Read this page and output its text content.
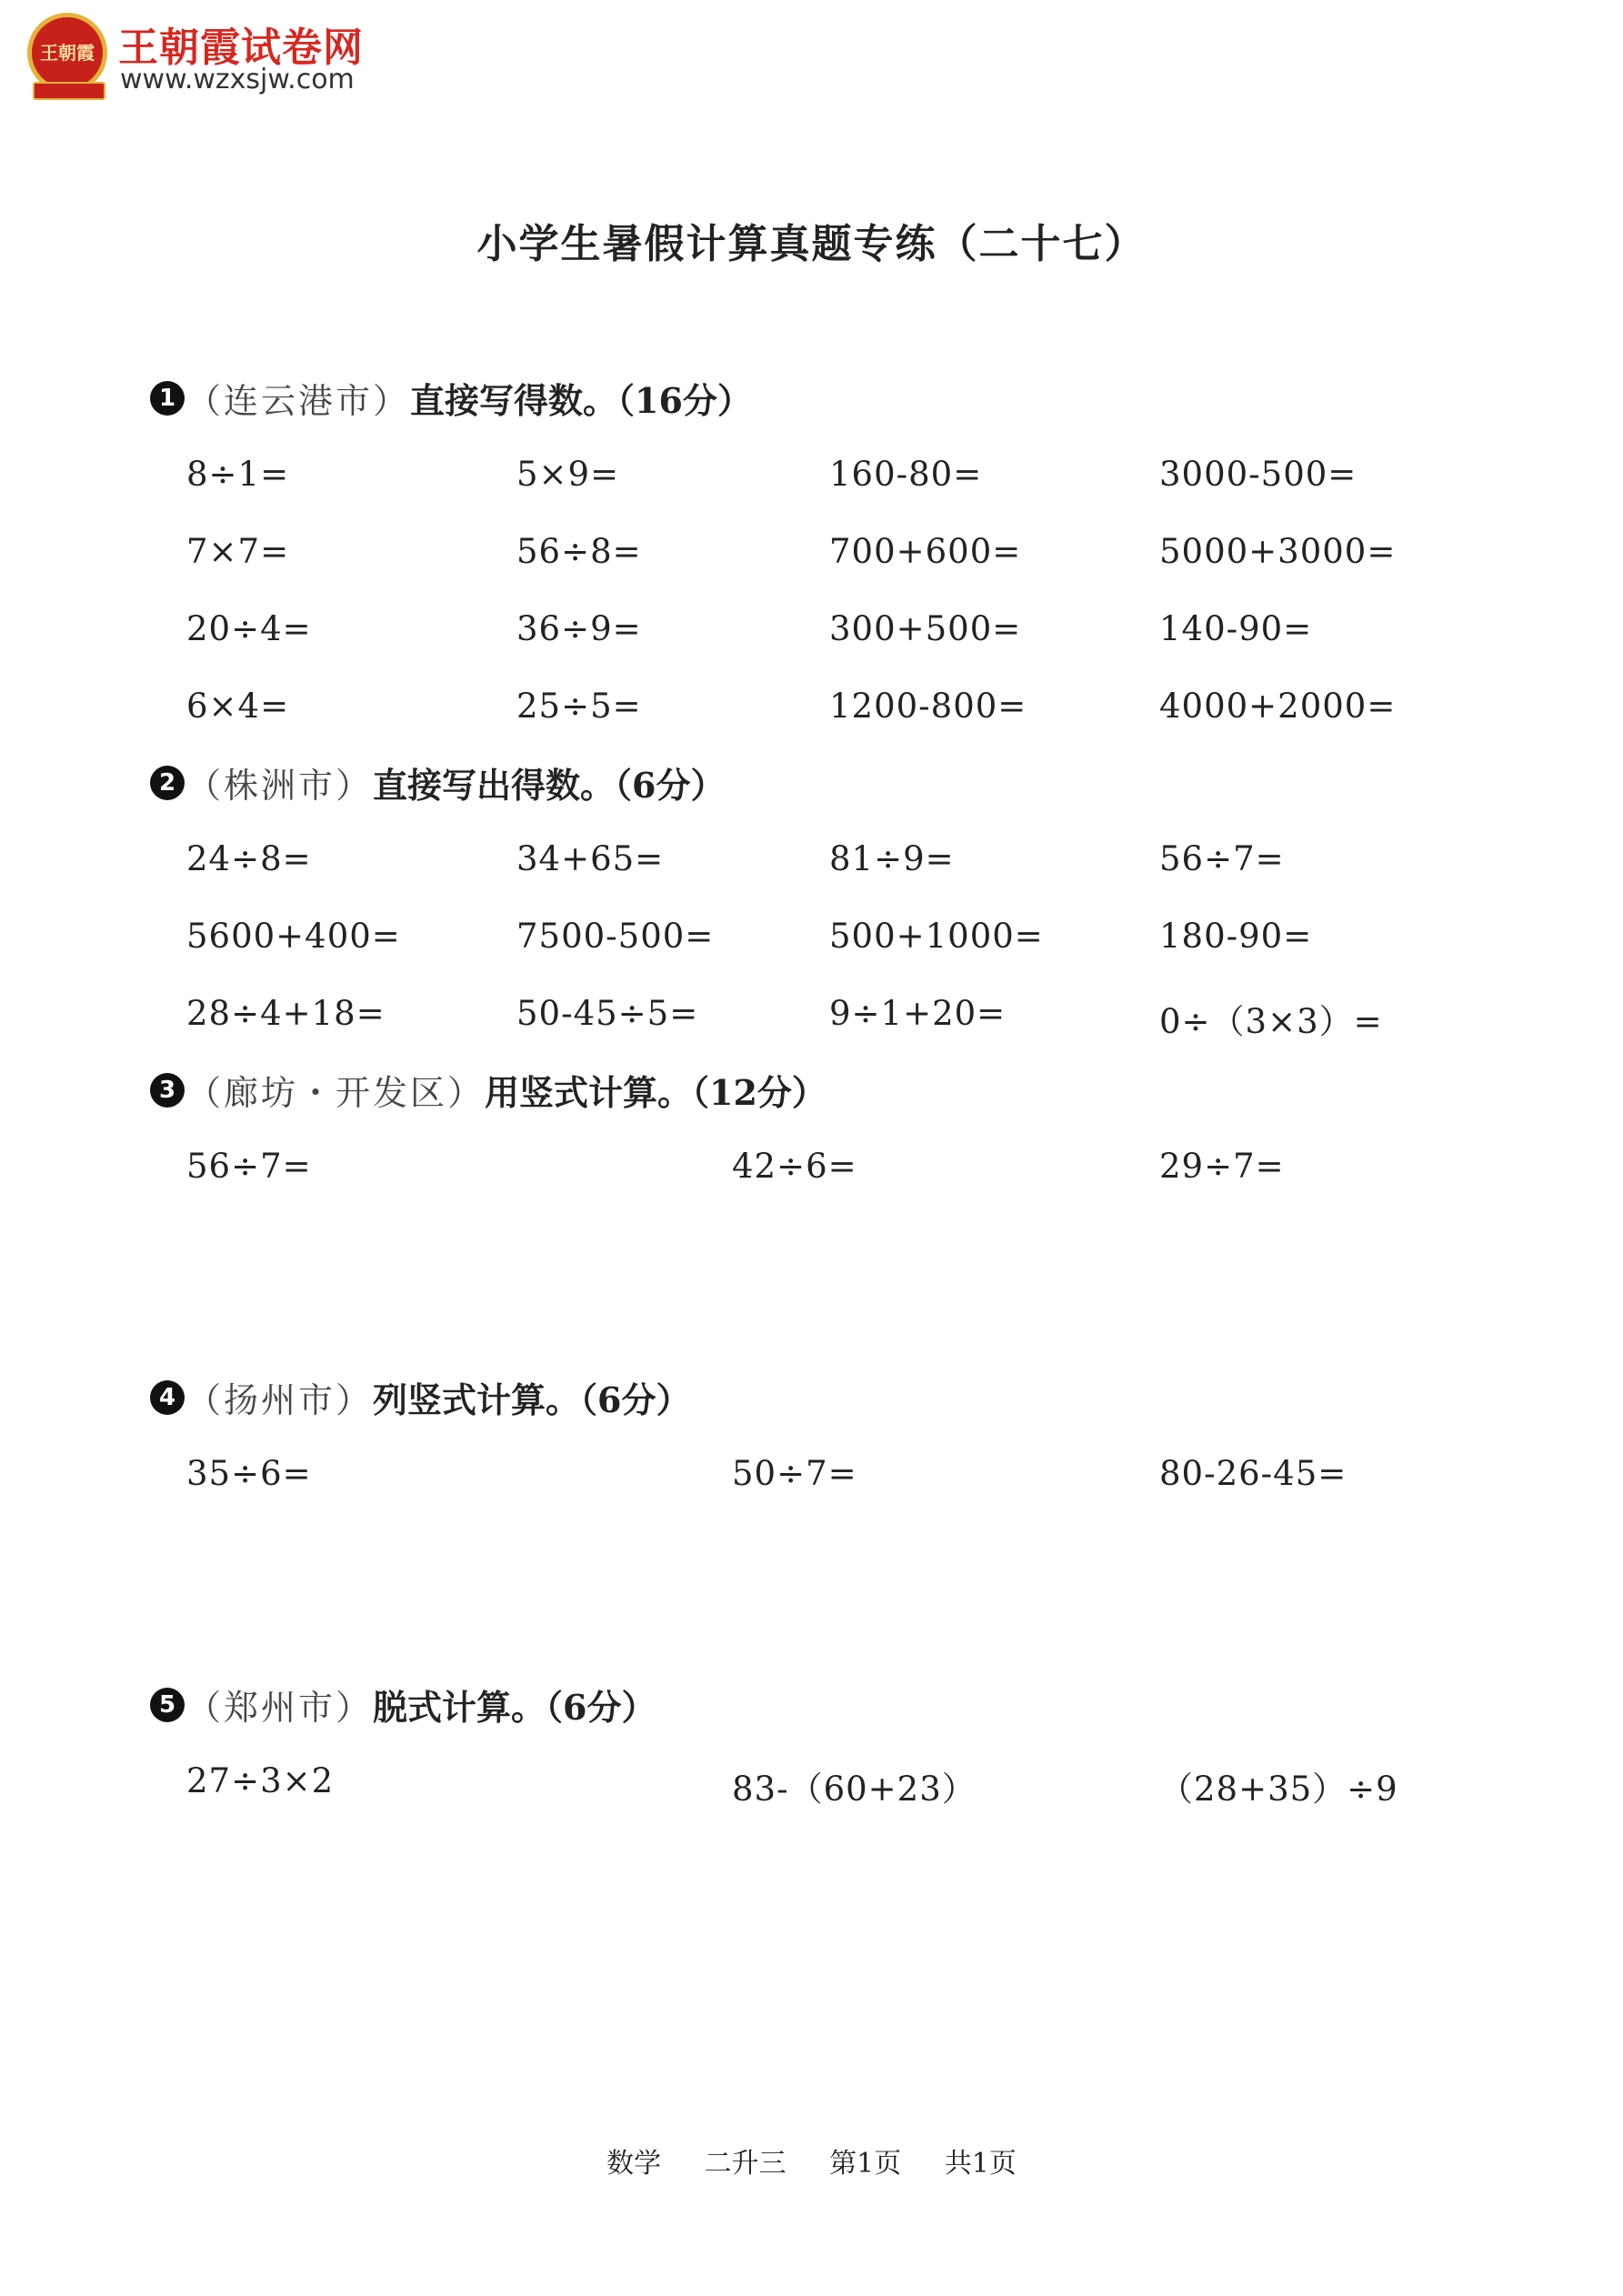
王朝霞 王朝霞试卷网
www.wzxsjw.com
小学生暑假计算真题专练（二十七）
1 （连云港市） 直接写得数。（16分）
8÷1=	5×9=	160-80=	3000-500=
7×7=	56÷8=	700+600=	5000+3000=
20÷4=	36÷9=	300+500=	140-90=
6×4=	25÷5=	1200-800=	4000+2000=
2 （株洲市） 直接写出得数。（6分）
24÷8=	34+65=	81÷9=	56÷7=
5600+400=	7500-500=	500+1000=	180-90=
28÷4+18=	50-45÷5=	9÷1+20=	0÷（3×3）=
3 （廊坊・开发区） 用竖式计算。（12分）
56÷7=	42÷6=	29÷7=
4 （扬州市） 列竖式计算。（6分）
35÷6=	50÷7=	80-26-45=
5 （郑州市） 脱式计算。（6分）
27÷3×2	83-（60+23）	（28+35）÷9
数学 二升三 第1页 共1页
